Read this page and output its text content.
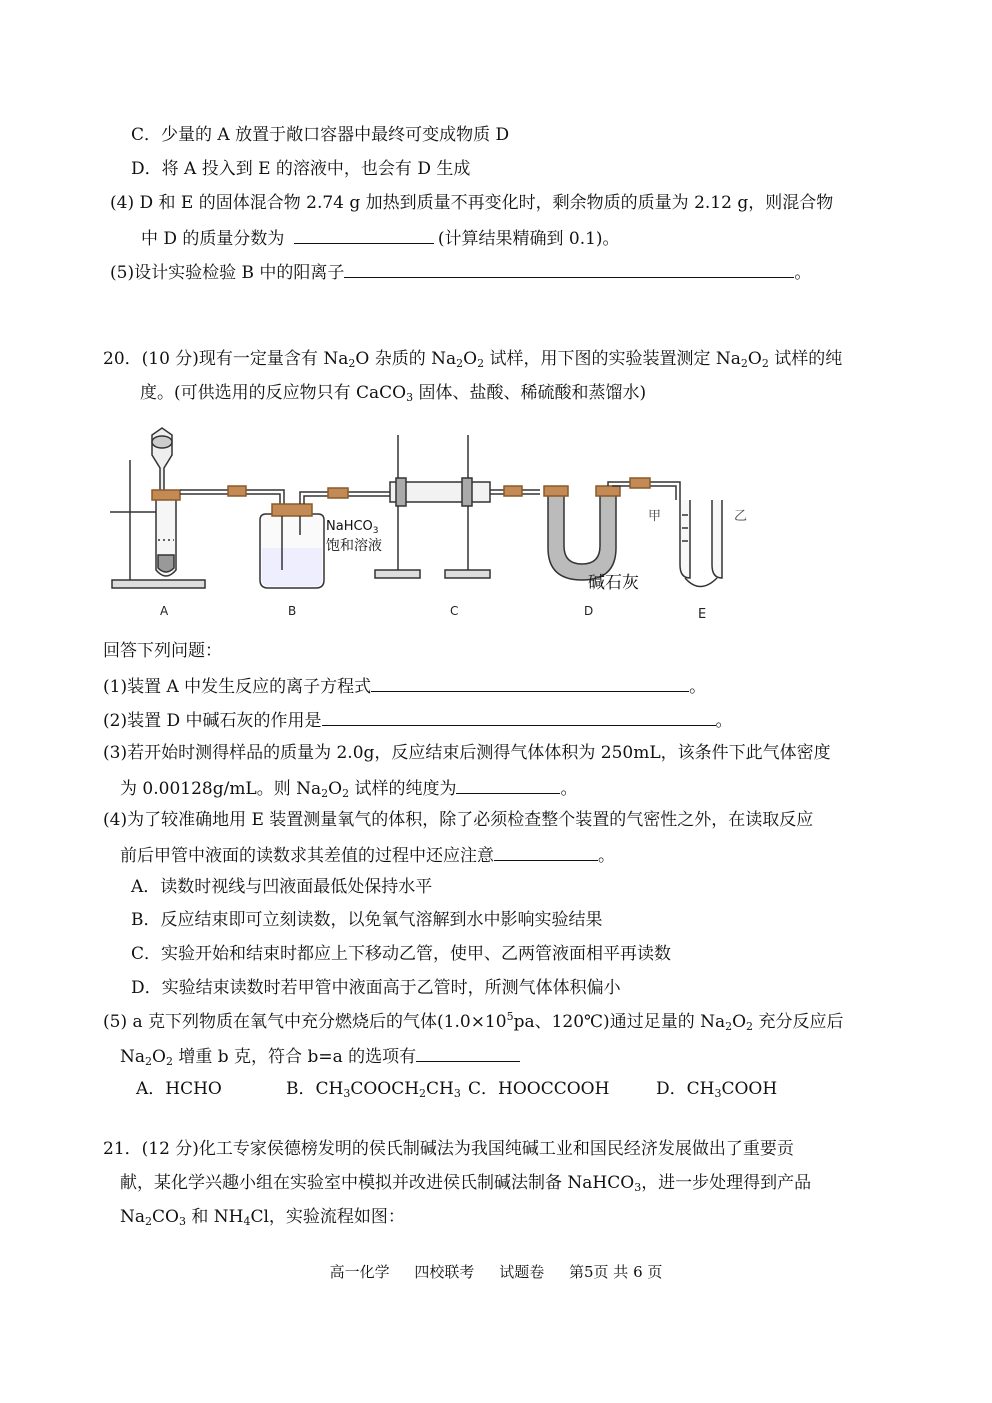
C．少量的 A 放置于敞口容器中最终可变成物质 D
D．将 A 投入到 E 的溶液中，也会有 D 生成
(4) D 和 E 的固体混合物 2.74 g 加热到质量不再变化时，剩余物质的质量为 2.12 g，则混合物
中 D 的质量分数为	(计算结果精确到 0.1)。
(5)设计实验检验 B 中的阳离子	。
20．(10 分)现有一定量含有 $Na_2O$ 杂质的 $Na_2O_2$ 试样，用下图的实验装置测定 $Na_2O_2$ 试样的纯
度。(可供选用的反应物只有 CaCO$_3$ 固体、盐酸、稀硫酸和蒸馏水)
NaHCO$_3$
饱和溶液
碱石灰
甲	乙
A	B	C	D	E
回答下列问题：
(1)装置 A 中发生反应的离子方程式	。
(2)装置 D 中碱石灰的作用是	。
(3)若开始时测得样品的质量为 2.0g，反应结束后测得气体体积为 250mL，该条件下此气体密度
为 0.00128g/mL。则 $Na_2O_2$ 试样的纯度为	。
(4)为了较准确地用 E 装置测量氧气的体积，除了必须检查整个装置的气密性之外，在读取反应
前后甲管中液面的读数求其差值的过程中还应注意	。
A．读数时视线与凹液面最低处保持水平
B．反应结束即可立刻读数，以免氧气溶解到水中影响实验结果
C．实验开始和结束时都应上下移动乙管，使甲、乙两管液面相平再读数
D．实验结束读数时若甲管中液面高于乙管时，所测气体体积偏小
(5) a 克下列物质在氧气中充分燃烧后的气体($1.0\times 10^5pa$、120℃)通过足量的 $Na_2O_2$ 充分反应后
$Na_2O_2$ 增重 b 克，符合 b=a 的选项有
A．HCHO	B．$CH_3COOCH_2CH_3$ C．HOOCCOOH	D．$CH_3COOH$
21．(12 分)化工专家侯德榜发明的侯氏制碱法为我国纯碱工业和国民经济发展做出了重要贡
献，某化学兴趣小组在实验室中模拟并改进侯氏制碱法制备 NaHCO$_3$，进一步处理得到产品
$Na_2CO_3$ 和 $NH_4Cl$，实验流程如图：
高一化学 四校联考 试题卷 第5页 共 6 页
